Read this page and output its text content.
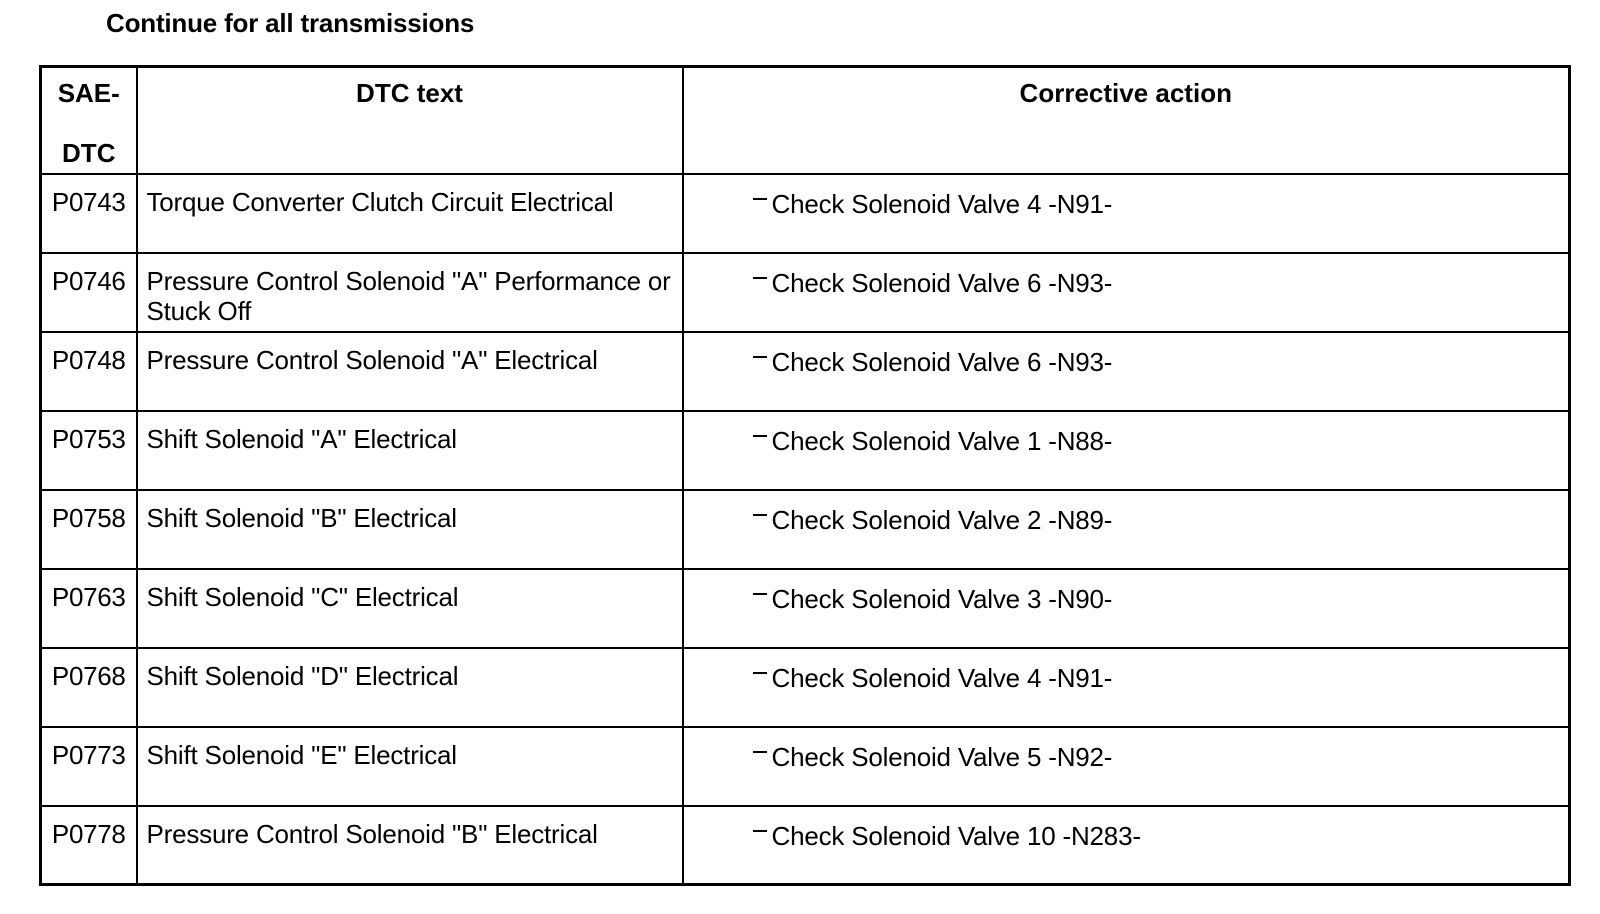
Continue for all transmissions
SAE-
DTC	DTC text	Corrective action
P0743	Torque Converter Clutch Circuit Electrical	Check Solenoid Valve 4 -N91-
P0746	Pressure Control Solenoid "A" Performance or Stuck Off	Check Solenoid Valve 6 -N93-
P0748	Pressure Control Solenoid "A" Electrical	Check Solenoid Valve 6 -N93-
P0753	Shift Solenoid "A" Electrical	Check Solenoid Valve 1 -N88-
P0758	Shift Solenoid "B" Electrical	Check Solenoid Valve 2 -N89-
P0763	Shift Solenoid "C" Electrical	Check Solenoid Valve 3 -N90-
P0768	Shift Solenoid "D" Electrical	Check Solenoid Valve 4 -N91-
P0773	Shift Solenoid "E" Electrical	Check Solenoid Valve 5 -N92-
P0778	Pressure Control Solenoid "B" Electrical	Check Solenoid Valve 10 -N283-
